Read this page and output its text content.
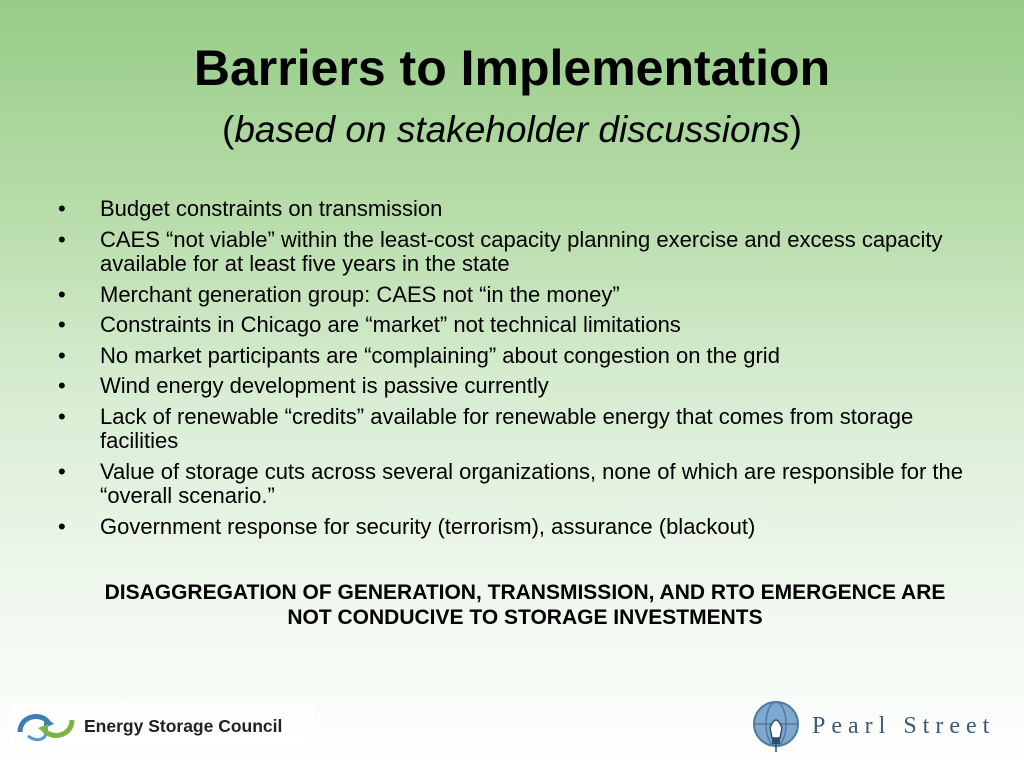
Barriers to Implementation
(based on stakeholder discussions)
• Budget constraints on transmission
• CAES “not viable” within the least-cost capacity planning exercise and excess capacity available for at least five years in the state
• Merchant generation group: CAES not “in the money”
• Constraints in Chicago are “market” not technical limitations
• No market participants are “complaining” about congestion on the grid
• Wind energy development is passive currently
• Lack of renewable “credits” available for renewable energy that comes from storage facilities
• Value of storage cuts across several organizations, none of which are responsible for the “overall scenario.”
• Government response for security (terrorism), assurance (blackout)
DISAGGREGATION OF GENERATION, TRANSMISSION, AND RTO EMERGENCE ARE NOT CONDUCIVE TO STORAGE INVESTMENTS
Energy Storage Council	Pearl Street
